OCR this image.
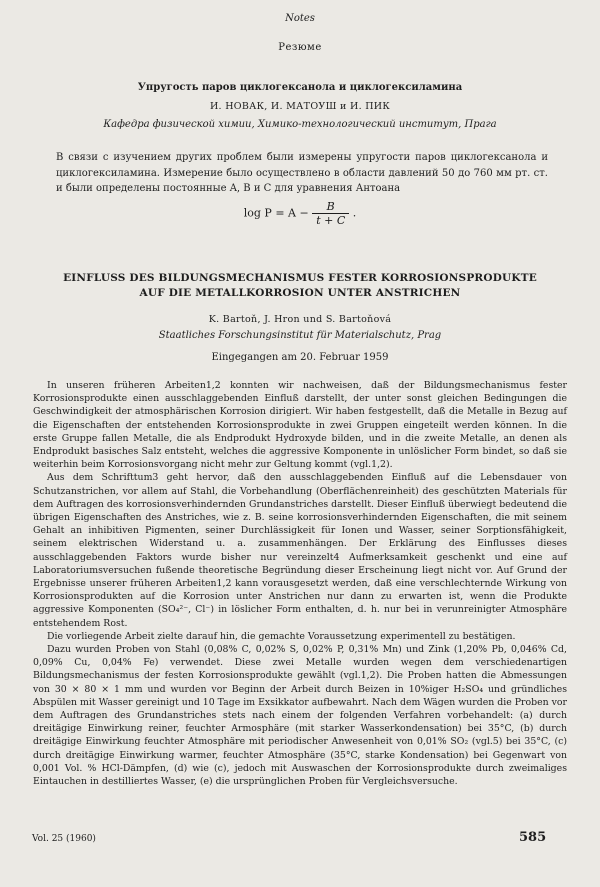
Notes
Резюме
Упругость паров циклогексанола и циклогексиламина
И. НОВАК, И. МАТОУШ и И. ПИК
Кафедра физической химии, Химико-технологический институт, Прага
В связи с изучением других проблем были измерены упругости паров циклогексанола и циклогексиламина. Измерение было осуществлено в области давлений 50 до 760 мм рт. ст. и были определены постоянные A, B и C для уравнения Антоана
$\log P = A - \frac{B}{t + C}$ .
EINFLUSS DES BILDUNGSMECHANISMUS FESTER KORROSIONSPRODUKTE
AUF DIE METALLKORROSION UNTER ANSTRICHEN
K. Bartoň, J. Hron und S. Bartoňová
Staatliches Forschungsinstitut für Materialschutz, Prag
Eingegangen am 20. Februar 1959

In unseren früheren Arbeiten1,2 konnten wir nachweisen, daß der Bildungsmechanismus fester Korrosionsprodukte einen ausschlaggebenden Einfluß darstellt, der unter sonst gleichen Bedingungen die Geschwindigkeit der atmosphärischen Korrosion dirigiert. Wir haben festgestellt, daß die Metalle in Bezug auf die Eigenschaften der entstehenden Korrosionsprodukte in zwei Gruppen eingeteilt werden können. In die erste Gruppe fallen Metalle, die als Endprodukt Hydroxyde bilden, und in die zweite Metalle, an denen als Endprodukt basisches Salz entsteht, welches die aggressive Komponente in unlöslicher Form bindet, so daß sie weiterhin beim Korrosionsvorgang nicht mehr zur Geltung kommt (vgl.1,2).

Aus dem Schrifttum3 geht hervor, daß den ausschlaggebenden Einfluß auf die Lebensdauer von Schutzanstrichen, vor allem auf Stahl, die Vorbehandlung (Oberflächenreinheit) des geschützten Materials für dem Auftragen des korrosionsverhindernden Grundanstriches darstellt. Dieser Einfluß überwiegt bedeutend die übrigen Eigenschaften des Anstriches, wie z. B. seine korrosionsverhindernden Eigenschaften, die mit seinem Gehalt an inhibitiven Pigmenten, seiner Durchlässigkeit für Ionen und Wasser, seiner Sorptionsfähigkeit, seinem elektrischen Widerstand u. a. zusammenhängen. Der Erklärung des Einflusses dieses ausschlaggebenden Faktors wurde bisher nur vereinzelt4 Aufmerksamkeit geschenkt und eine auf Laboratoriumsversuchen fußende theoretische Begründung dieser Erscheinung liegt nicht vor. Auf Grund der Ergebnisse unserer früheren Arbeiten1,2 kann vorausgesetzt werden, daß eine verschlechternde Wirkung von Korrosionsprodukten auf die Korrosion unter Anstrichen nur dann zu erwarten ist, wenn die Produkte aggressive Komponenten (SO₄²⁻, Cl⁻) in löslicher Form enthalten, d. h. nur bei in verunreinigter Atmosphäre entstehendem Rost.

Die vorliegende Arbeit zielte darauf hin, die gemachte Voraussetzung experimentell zu bestätigen.

Dazu wurden Proben von Stahl (0,08% C, 0,02% S, 0,02% P, 0,31% Mn) und Zink (1,20% Pb, 0,046% Cd, 0,09% Cu, 0,04% Fe) verwendet. Diese zwei Metalle wurden wegen dem verschiedenartigen Bildungsmechanismus der festen Korrosionsprodukte gewählt (vgl.1,2). Die Proben hatten die Abmessungen von 30 × 80 × 1 mm und wurden vor Beginn der Arbeit durch Beizen in 10%iger H₂SO₄ und gründliches Abspülen mit Wasser gereinigt und 10 Tage im Exsikkator aufbewahrt. Nach dem Wägen wurden die Proben vor dem Auftragen des Grundanstriches stets nach einem der folgenden Verfahren vorbehandelt: (a) durch dreitägige Einwirkung reiner, feuchter Armosphäre (mit starker Wasserkondensation) bei 35°C, (b) durch dreitägige Einwirkung feuchter Atmosphäre mit periodischer Anwesenheit von 0,01% SO₂ (vgl.5) bei 35°C, (c) durch dreitägige Einwirkung warmer, feuchter Atmosphäre (35°C, starke Kondensation) bei Gegenwart von 0,001 Vol. % HCl-Dämpfen, (d) wie (c), jedoch mit Auswaschen der Korrosionsprodukte durch zweimaliges Eintauchen in destilliertes Wasser, (e) die ursprünglichen Proben für Vergleichsversuche.

Vol. 25 (1960)	585
